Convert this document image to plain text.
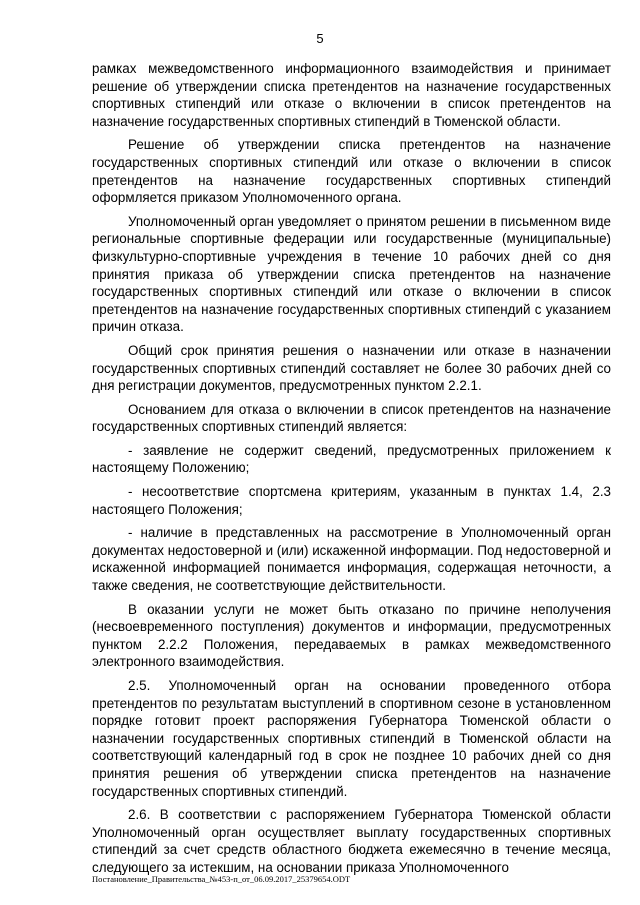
5

рамках межведомственного информационного взаимодействия и принимает решение об утверждении списка претендентов на назначение государственных спортивных стипендий или отказе о включении в список претендентов на назначение государственных спортивных стипендий в Тюменской области.

Решение об утверждении списка претендентов на назначение государственных спортивных стипендий или отказе о включении в список претендентов на назначение государственных спортивных стипендий оформляется приказом Уполномоченного органа.

Уполномоченный орган уведомляет о принятом решении в письменном виде региональные спортивные федерации или государственные (муниципальные) физкультурно-спортивные учреждения в течение 10 рабочих дней со дня принятия приказа об утверждении списка претендентов на назначение государственных спортивных стипендий или отказе о включении в список претендентов на назначение государственных спортивных стипендий с указанием причин отказа.

Общий срок принятия решения о назначении или отказе в назначении государственных спортивных стипендий составляет не более 30 рабочих дней со дня регистрации документов, предусмотренных пунктом 2.2.1.

Основанием для отказа о включении в список претендентов на назначение государственных спортивных стипендий является:

- заявление не содержит сведений, предусмотренных приложением к настоящему Положению;

- несоответствие спортсмена критериям, указанным в пунктах 1.4, 2.3 настоящего Положения;

- наличие в представленных на рассмотрение в Уполномоченный орган документах недостоверной и (или) искаженной информации. Под недостоверной и искаженной информацией понимается информация, содержащая неточности, а также сведения, не соответствующие действительности.

В оказании услуги не может быть отказано по причине неполучения (несвоевременного поступления) документов и информации, предусмотренных пунктом 2.2.2 Положения, передаваемых в рамках межведомственного электронного взаимодействия.

2.5. Уполномоченный орган на основании проведенного отбора претендентов по результатам выступлений в спортивном сезоне в установленном порядке готовит проект распоряжения Губернатора Тюменской области о назначении государственных спортивных стипендий в Тюменской области на соответствующий календарный год в срок не позднее 10 рабочих дней со дня принятия решения об утверждении списка претендентов на назначение государственных спортивных стипендий.

2.6. В соответствии с распоряжением Губернатора Тюменской области Уполномоченный орган осуществляет выплату государственных спортивных стипендий за счет средств областного бюджета ежемесячно в течение месяца, следующего за истекшим, на основании приказа Уполномоченного

Постановление_Правительства_№453-п_от_06.09.2017_25379654.ODT
